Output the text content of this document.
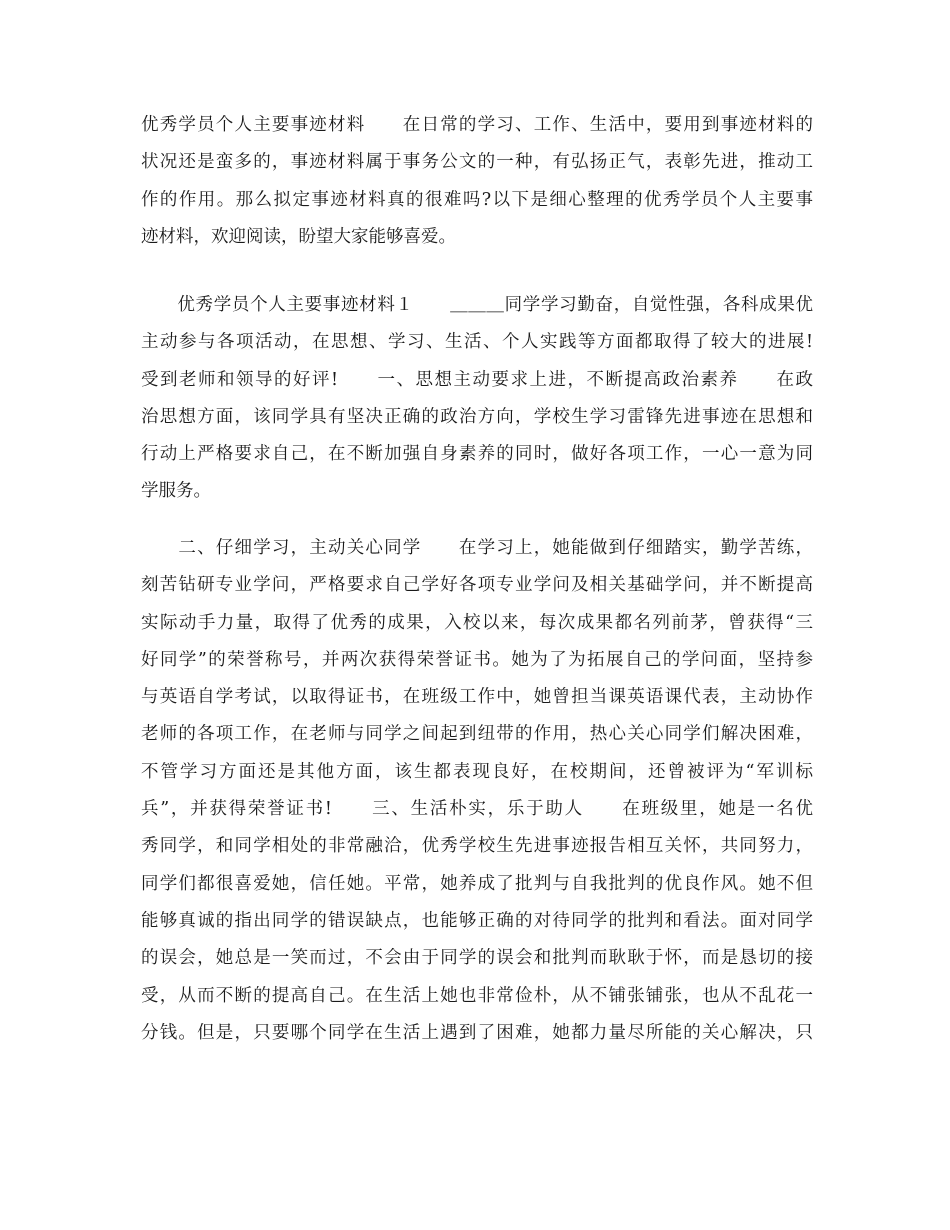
优秀学员个人主要事迹材料　　在日常的学习、工作、生活中，要用到事迹材料的
状况还是蛮多的，事迹材料属于事务公文的一种，有弘扬正气，表彰先进，推动工
作的作用。那么拟定事迹材料真的很难吗?以下是细心整理的优秀学员个人主要事
迹材料，欢迎阅读，盼望大家能够喜爱。
　　优秀学员个人主要事迹材料１　　＿＿＿同学学习勤奋，自觉性强，各科成果优
主动参与各项活动，在思想、学习、生活、个人实践等方面都取得了较大的进展!
受到老师和领导的好评!　　一、思想主动要求上进，不断提高政治素养　　在政
治思想方面，该同学具有坚决正确的政治方向，学校生学习雷锋先进事迹在思想和
行动上严格要求自己，在不断加强自身素养的同时，做好各项工作，一心一意为同
学服务。
　　二、仔细学习，主动关心同学　　在学习上，她能做到仔细踏实，勤学苦练，
刻苦钻研专业学问，严格要求自己学好各项专业学问及相关基础学问，并不断提高
实际动手力量，取得了优秀的成果，入校以来，每次成果都名列前茅，曾获得“三
好同学”的荣誉称号，并两次获得荣誉证书。她为了为拓展自己的学问面，坚持参
与英语自学考试，以取得证书，在班级工作中，她曾担当课英语课代表，主动协作
老师的各项工作，在老师与同学之间起到纽带的作用，热心关心同学们解决困难，
不管学习方面还是其他方面，该生都表现良好，在校期间，还曾被评为“军训标
兵”，并获得荣誉证书!　　三、生活朴实，乐于助人　　在班级里，她是一名优
秀同学，和同学相处的非常融洽，优秀学校生先进事迹报告相互关怀，共同努力，
同学们都很喜爱她，信任她。平常，她养成了批判与自我批判的优良作风。她不但
能够真诚的指出同学的错误缺点，也能够正确的对待同学的批判和看法。面对同学
的误会，她总是一笑而过，不会由于同学的误会和批判而耿耿于怀，而是恳切的接
受，从而不断的提高自己。在生活上她也非常俭朴，从不铺张铺张，也从不乱花一
分钱。但是，只要哪个同学在生活上遇到了困难，她都力量尽所能的关心解决，只
